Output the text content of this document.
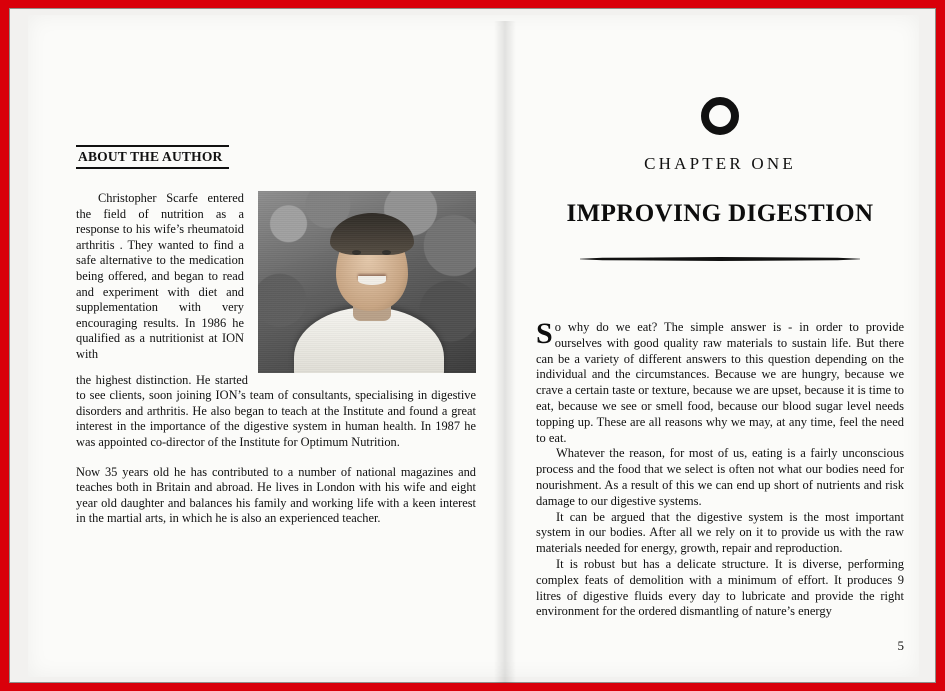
ABOUT THE AUTHOR

Christopher Scarfe entered the field of nutrition as a response to his wife’s rheumatoid arthritis . They wanted to find a safe alternative to the medication being offered, and began to read and experiment with diet and supplementation with very encouraging results. In 1986 he qualified as a nutritionist at ION with

the highest distinction. He started to see clients, soon joining ION’s team of consultants, specialising in digestive disorders and arthritis. He also began to teach at the Institute and found a great interest in the importance of the digestive system in human health. In 1987 he was appointed co-director of the Institute for Optimum Nutrition.

Now 35 years old he has contributed to a number of national magazines and teaches both in Britain and abroad. He lives in London with his wife and eight year old daughter and balances his family and working life with a keen interest in the martial arts, in which he is also an experienced teacher.

CHAPTER ONE
IMPROVING DIGESTION

So why do we eat? The simple answer is - in order to provide ourselves with good quality raw materials to sustain life. But there can be a variety of different answers to this question depending on the individual and the circumstances. Because we are hungry, because we crave a certain taste or texture, because we are upset, because it is time to eat, because we see or smell food, because our blood sugar level needs topping up. These are all reasons why we may, at any time, feel the need to eat.

Whatever the reason, for most of us, eating is a fairly unconscious process and the food that we select is often not what our bodies need for nourishment. As a result of this we can end up short of nutrients and risk damage to our digestive systems.

It can be argued that the digestive system is the most important system in our bodies. After all we rely on it to provide us with the raw materials needed for energy, growth, repair and reproduction.

It is robust but has a delicate structure. It is diverse, performing complex feats of demolition with a minimum of effort. It produces 9 litres of digestive fluids every day to lubricate and provide the right environment for the ordered dismantling of nature’s energy

5
